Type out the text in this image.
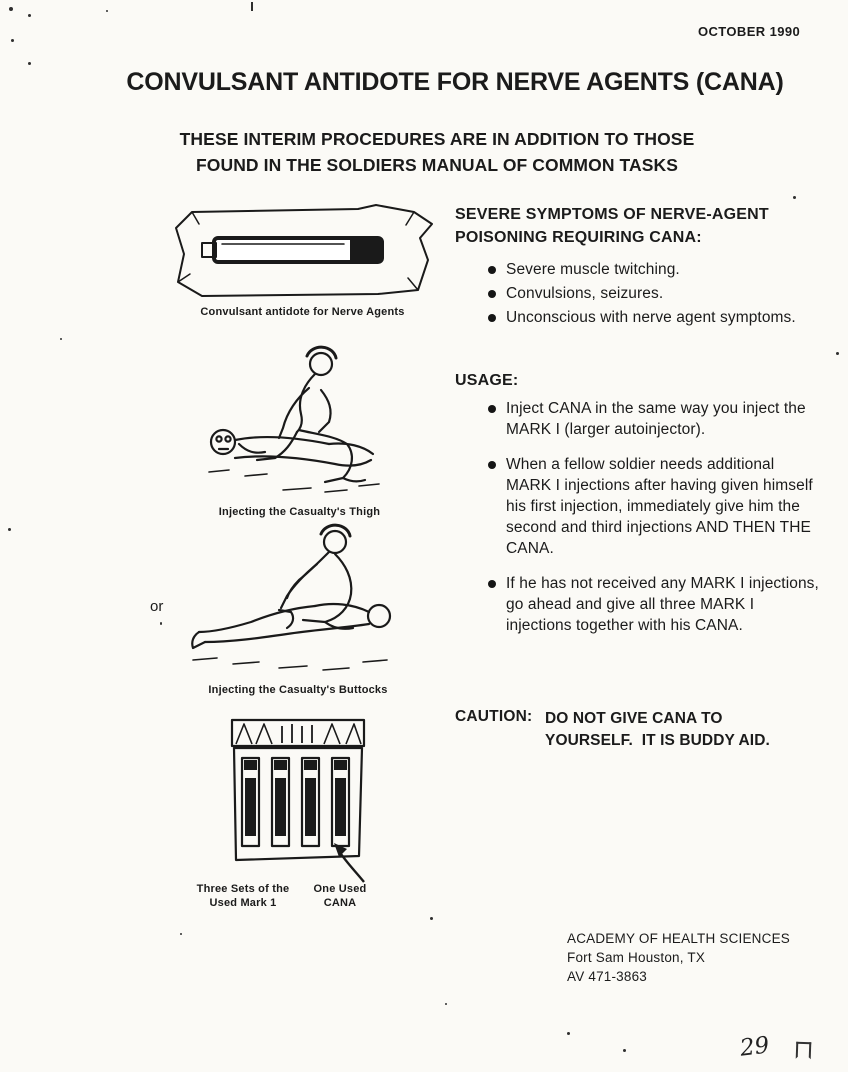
OCTOBER 1990
CONVULSANT ANTIDOTE FOR NERVE AGENTS (CANA)
THESE INTERIM PROCEDURES ARE IN ADDITION TO THOSE
FOUND IN THE SOLDIERS MANUAL OF COMMON TASKS
Convulsant antidote for Nerve Agents
Injecting the Casualty's Thigh
or
Injecting the Casualty's Buttocks
Three Sets of the Used Mark 1
One Used CANA
SEVERE SYMPTOMS OF NERVE-AGENT POISONING REQUIRING CANA:
Severe muscle twitching.
Convulsions, seizures.
Unconscious with nerve agent symptoms.
USAGE:
Inject CANA in the same way you inject the MARK I (larger autoinjector).
When a fellow soldier needs additional MARK I injections after having given himself his first injection, immediately give him the second and third injections AND THEN THE CANA.
If he has not received any MARK I injections, go ahead and give all three MARK I injections together with his CANA.
CAUTION: DO NOT GIVE CANA TO YOURSELF.  IT IS BUDDY AID.
ACADEMY OF HEALTH SCIENCES
Fort Sam Houston, TX
AV 471-3863
29
